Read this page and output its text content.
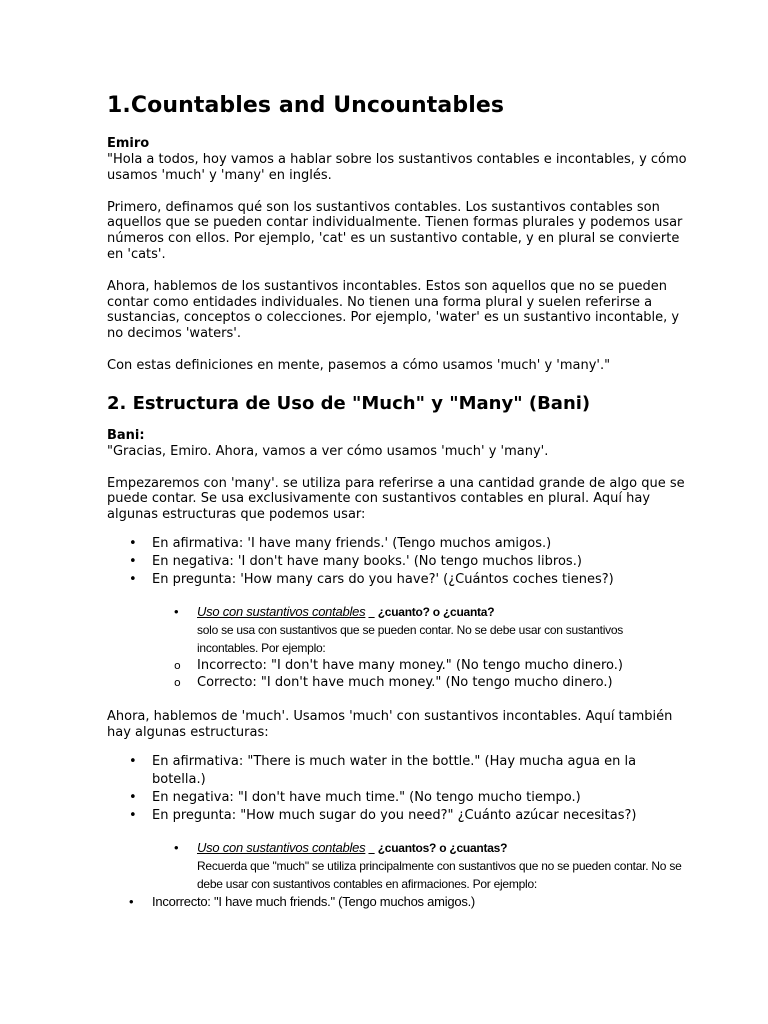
1.Countables and Uncountables
Emiro

"Hola a todos, hoy vamos a hablar sobre los sustantivos contables e incontables, y cómo usamos 'much' y 'many' en inglés.

Primero, definamos qué son los sustantivos contables. Los sustantivos contables son aquellos que se pueden contar individualmente. Tienen formas plurales y podemos usar números con ellos. Por ejemplo, 'cat' es un sustantivo contable, y en plural se convierte en 'cats'.

Ahora, hablemos de los sustantivos incontables. Estos son aquellos que no se pueden contar como entidades individuales. No tienen una forma plural y suelen referirse a sustancias, conceptos o colecciones. Por ejemplo, 'water' es un sustantivo incontable, y no decimos 'waters'.

Con estas definiciones en mente, pasemos a cómo usamos 'much' y 'many'."

2. Estructura de Uso de "Much" y "Many" (Bani)
Bani:

"Gracias, Emiro. Ahora, vamos a ver cómo usamos 'much' y 'many'.

Empezaremos con 'many'. se utiliza para referirse a una cantidad grande de algo que se puede contar. Se usa exclusivamente con sustantivos contables en plural. Aquí hay algunas estructuras que podemos usar:

• En afirmativa: 'I have many friends.' (Tengo muchos amigos.)
• En negativa: 'I don't have many books.' (No tengo muchos libros.)
• En pregunta: 'How many cars do you have?' (¿Cuántos coches tienes?)
• Uso con sustantivos contables ¿cuanto? o ¿cuanta?
solo se usa con sustantivos que se pueden contar. No se debe usar con sustantivos incontables. Por ejemplo:
o Incorrecto: "I don't have many money." (No tengo mucho dinero.)
o Correcto: "I don't have much money." (No tengo mucho dinero.)

Ahora, hablemos de 'much'. Usamos 'much' con sustantivos incontables. Aquí también hay algunas estructuras:

• En afirmativa: "There is much water in the bottle." (Hay mucha agua en la botella.)
• En negativa: "I don't have much time." (No tengo mucho tiempo.)
• En pregunta: "How much sugar do you need?" ¿Cuánto azúcar necesitas?)
• Uso con sustantivos contables ¿cuantos? o ¿cuantas?
Recuerda que "much" se utiliza principalmente con sustantivos que no se pueden contar. No se debe usar con sustantivos contables en afirmaciones. Por ejemplo:
• Incorrecto: "I have much friends." (Tengo muchos amigos.)
